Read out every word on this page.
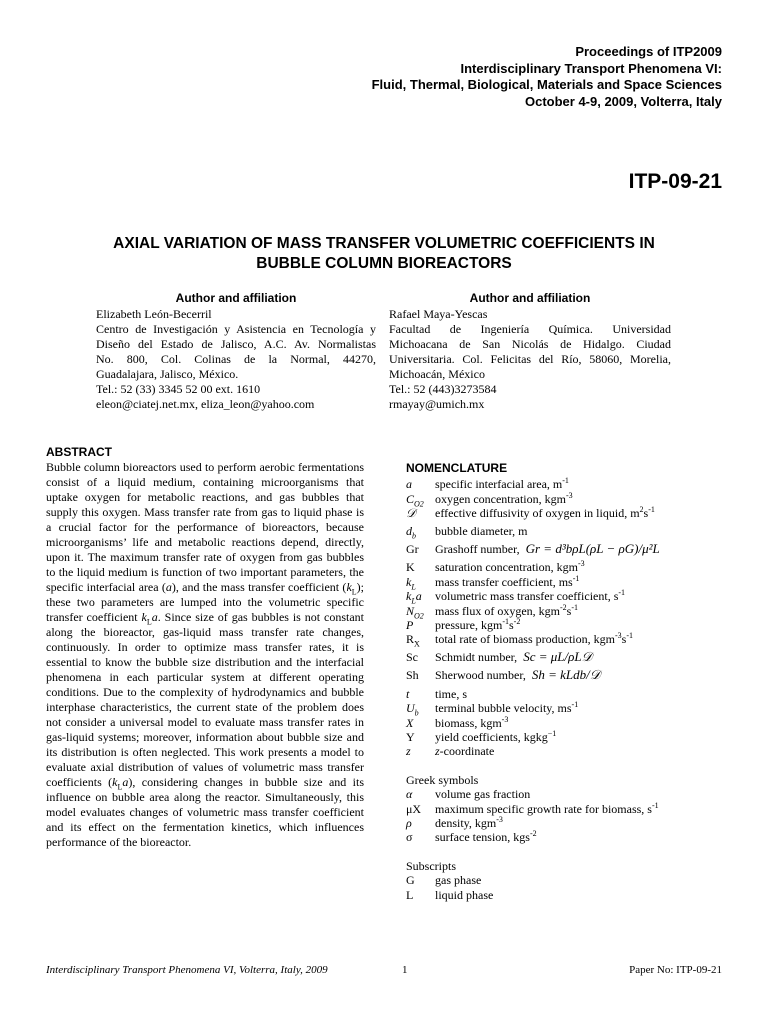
Proceedings of ITP2009
Interdisciplinary Transport Phenomena VI:
Fluid, Thermal, Biological, Materials and Space Sciences
October 4-9, 2009, Volterra, Italy
ITP-09-21
AXIAL VARIATION OF MASS TRANSFER VOLUMETRIC COEFFICIENTS IN
BUBBLE COLUMN BIOREACTORS
Author and affiliation
Elizabeth León-Becerril
Centro de Investigación y Asistencia en Tecnología y
Diseño del Estado de Jalisco, A.C. Av. Normalistas
No. 800, Col. Colinas de la Normal, 44270,
Guadalajara, Jalisco, México.
Tel.: 52 (33) 3345 52 00 ext. 1610
eleon@ciatej.net.mx, eliza_leon@yahoo.com
Author and affiliation
Rafael Maya-Yescas
Facultad de Ingeniería Química. Universidad
Michoacana de San Nicolás de Hidalgo. Ciudad
Universitaria. Col. Felicitas del Río, 58060, Morelia,
Michoacán, México
Tel.: 52 (443)3273584
rmayay@umich.mx
ABSTRACT
Bubble column bioreactors used to perform aerobic fermentations consist of a liquid medium, containing microorganisms that uptake oxygen for metabolic reactions, and gas bubbles that supply this oxygen. Mass transfer rate from gas to liquid phase is a crucial factor for the performance of bioreactors, because microorganisms’ life and metabolic reactions depend, directly, upon it. The maximum transfer rate of oxygen from gas bubbles to the liquid medium is function of two important parameters, the specific interfacial area (a), and the mass transfer coefficient $(k_L)$; these two parameters are lumped into the volumetric specific transfer coefficient $k_La$. Since size of gas bubbles is not constant along the bioreactor, gas-liquid mass transfer rate changes, continuously. In order to optimize mass transfer rates, it is essential to know the bubble size distribution and the interfacial phenomena in each particular system at different operating conditions. Due to the complexity of hydrodynamics and bubble interphase characteristics, the current state of the problem does not consider a universal model to evaluate mass transfer rates in gas-liquid systems; moreover, information about bubble size and its distribution is often neglected. This work presents a model to evaluate axial distribution of values of volumetric mass transfer coefficients $(k_La)$, considering changes in bubble size and its influence on bubble area along the reactor. Simultaneously, this model evaluates changes of volumetric mass transfer coefficient and its effect on the fermentation kinetics, which influences performance of the bioreactor.
NOMENCLATURE
a	specific interfacial area, $m^{-1}$
$C_{O2}$ oxygen concentration, kgm$^{-3}$
𝒟	effective diffusivity of oxygen in liquid, $m^2s^{-1}$
$d_b$	bubble diameter, m
Gr	Grashoff number, Gr = d³bρL(ρL − ρG)/μ²L
K	saturation concentration, kgm$^{-3}$
$k_L$	mass transfer coefficient, $ms^{-1}$
$k_La$	volumetric mass transfer coefficient, $s^{-1}$
$N_{O2}$ mass flux of oxygen, $kgm^{-2}s^{-1}$
P	pressure, $kgm^{-1}s^{-2}$
$R_X$	total rate of biomass production, $kgm^{-3}s^{-1}$
Sc	Schmidt number, Sc = μL/ρL𝒟
Sh	Sherwood number, Sh = kLdb/𝒟
t	time, s
$U_b$	terminal bubble velocity, $ms^{-1}$
X	biomass, kgm$^{-3}$
Y	yield coefficients, kgkg$^{-1}$
z	z-coordinate
Greek symbols
α	volume gas fraction
μX	maximum specific growth rate for biomass, $s^{-1}$
ρ	density, kgm$^{-3}$
σ	surface tension, kgs$^{-2}$
Subscripts
G	gas phase
L	liquid phase
Interdisciplinary Transport Phenomena VI, Volterra, Italy, 2009	1	Paper No: ITP-09-21
